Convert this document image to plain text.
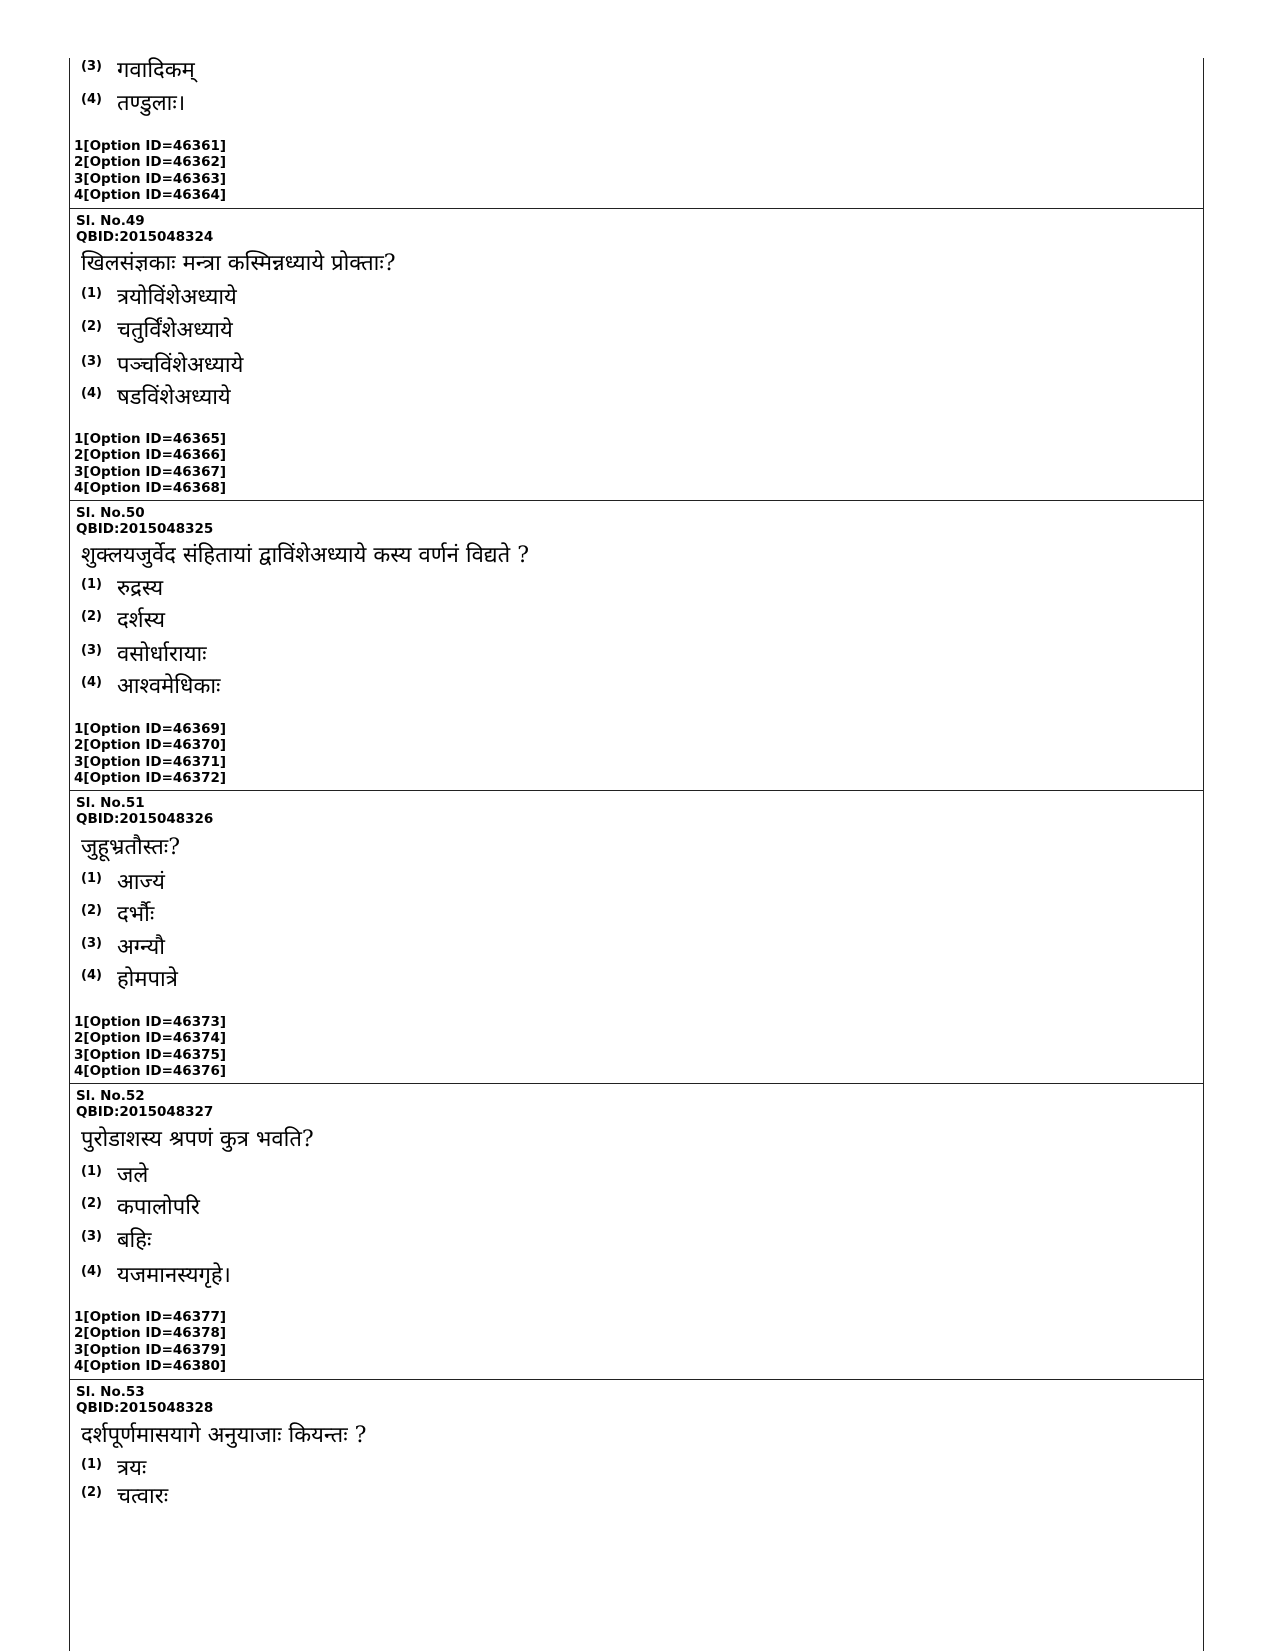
(3) गवादिकम्
(4) तण्डुलाः।
1[Option ID=46361]
2[Option ID=46362]
3[Option ID=46363]
4[Option ID=46364]
Sl. No.49
QBID:2015048324
खिलसंज्ञकाः मन्त्रा कस्मिन्नध्याये प्रोक्ताः?
(1) त्रयोविंशेअध्याये
(2) चतुर्विंशेअध्याये
(3) पञ्चविंशेअध्याये
(4) षडविंशेअध्याये
1[Option ID=46365]
2[Option ID=46366]
3[Option ID=46367]
4[Option ID=46368]
Sl. No.50
QBID:2015048325
शुक्लयजुर्वेद संहितायां द्वाविंशेअध्याये कस्य वर्णनं विद्यते ?
(1) रुद्रस्य
(2) दर्शस्य
(3) वसोर्धारायाः
(4) आश्वमेधिकाः
1[Option ID=46369]
2[Option ID=46370]
3[Option ID=46371]
4[Option ID=46372]
Sl. No.51
QBID:2015048326
जुहूभ्रतौस्तः?
(1) आज्यं
(2) दर्भौः
(3) अग्न्यौ
(4) होमपात्रे
1[Option ID=46373]
2[Option ID=46374]
3[Option ID=46375]
4[Option ID=46376]
Sl. No.52
QBID:2015048327
पुरोडाशस्य श्रपणं कुत्र भवति?
(1) जले
(2) कपालोपरि
(3) बहिः
(4) यजमानस्यगृहे।
1[Option ID=46377]
2[Option ID=46378]
3[Option ID=46379]
4[Option ID=46380]
Sl. No.53
QBID:2015048328
दर्शपूर्णमासयागे अनुयाजाः कियन्तः ?
(1) त्रयः
(2) चत्वारः
